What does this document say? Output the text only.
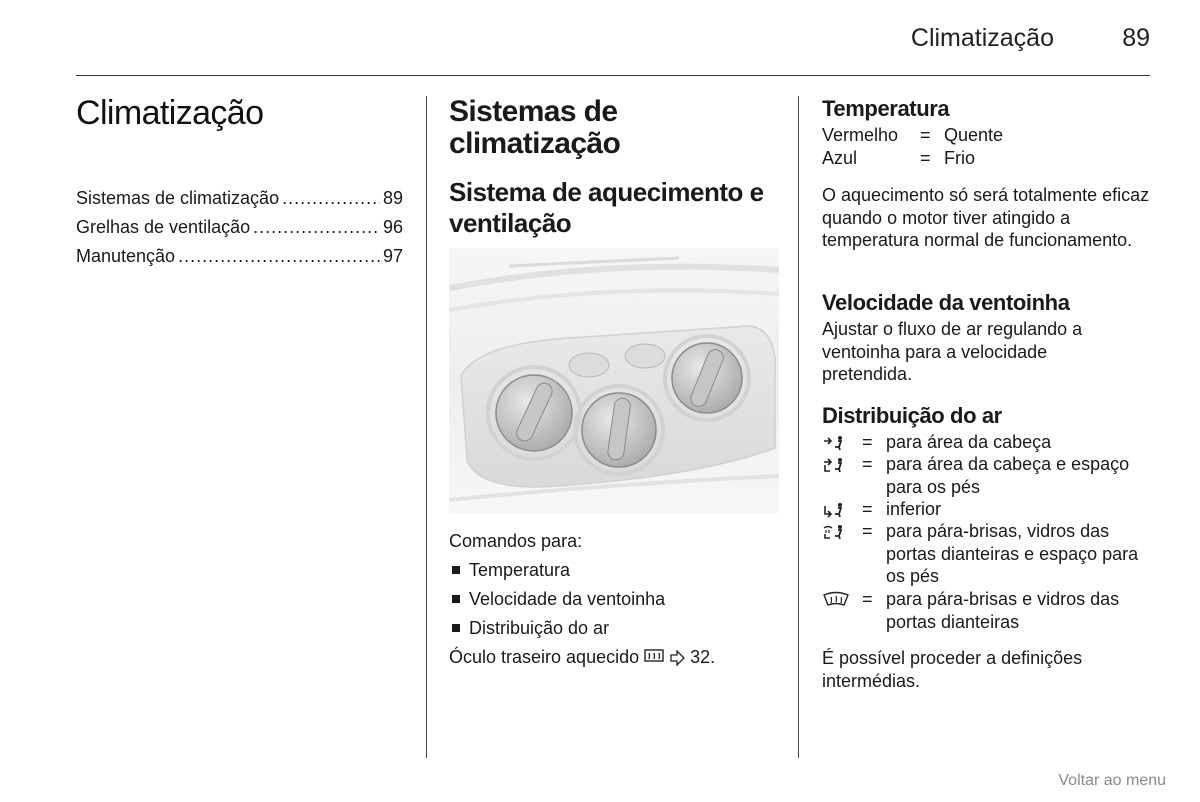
Climatização	89
Climatização
Sistemas de climatização .....	89
Grelhas de ventilação .....	96
Manutenção .....	97
Sistemas de climatização
Sistema de aquecimento e ventilação
Comandos para:
Temperatura
Velocidade da ventoinha
Distribuição do ar
Óculo traseiro aquecido	32.
Temperatura
Vermelho = Quente
Azul	= Frio
O aquecimento só será totalmente eficaz quando o motor tiver atingido a temperatura normal de funcionamento.
Velocidade da ventoinha
Ajustar o fluxo de ar regulando a ventoinha para a velocidade pretendida.
Distribuição do ar
= para área da cabeça
= para área da cabeça e espaço para os pés
= inferior
= para pára-brisas, vidros das portas dianteiras e espaço para os pés
= para pára-brisas e vidros das portas dianteiras
É possível proceder a definições intermédias.
Voltar ao menu
